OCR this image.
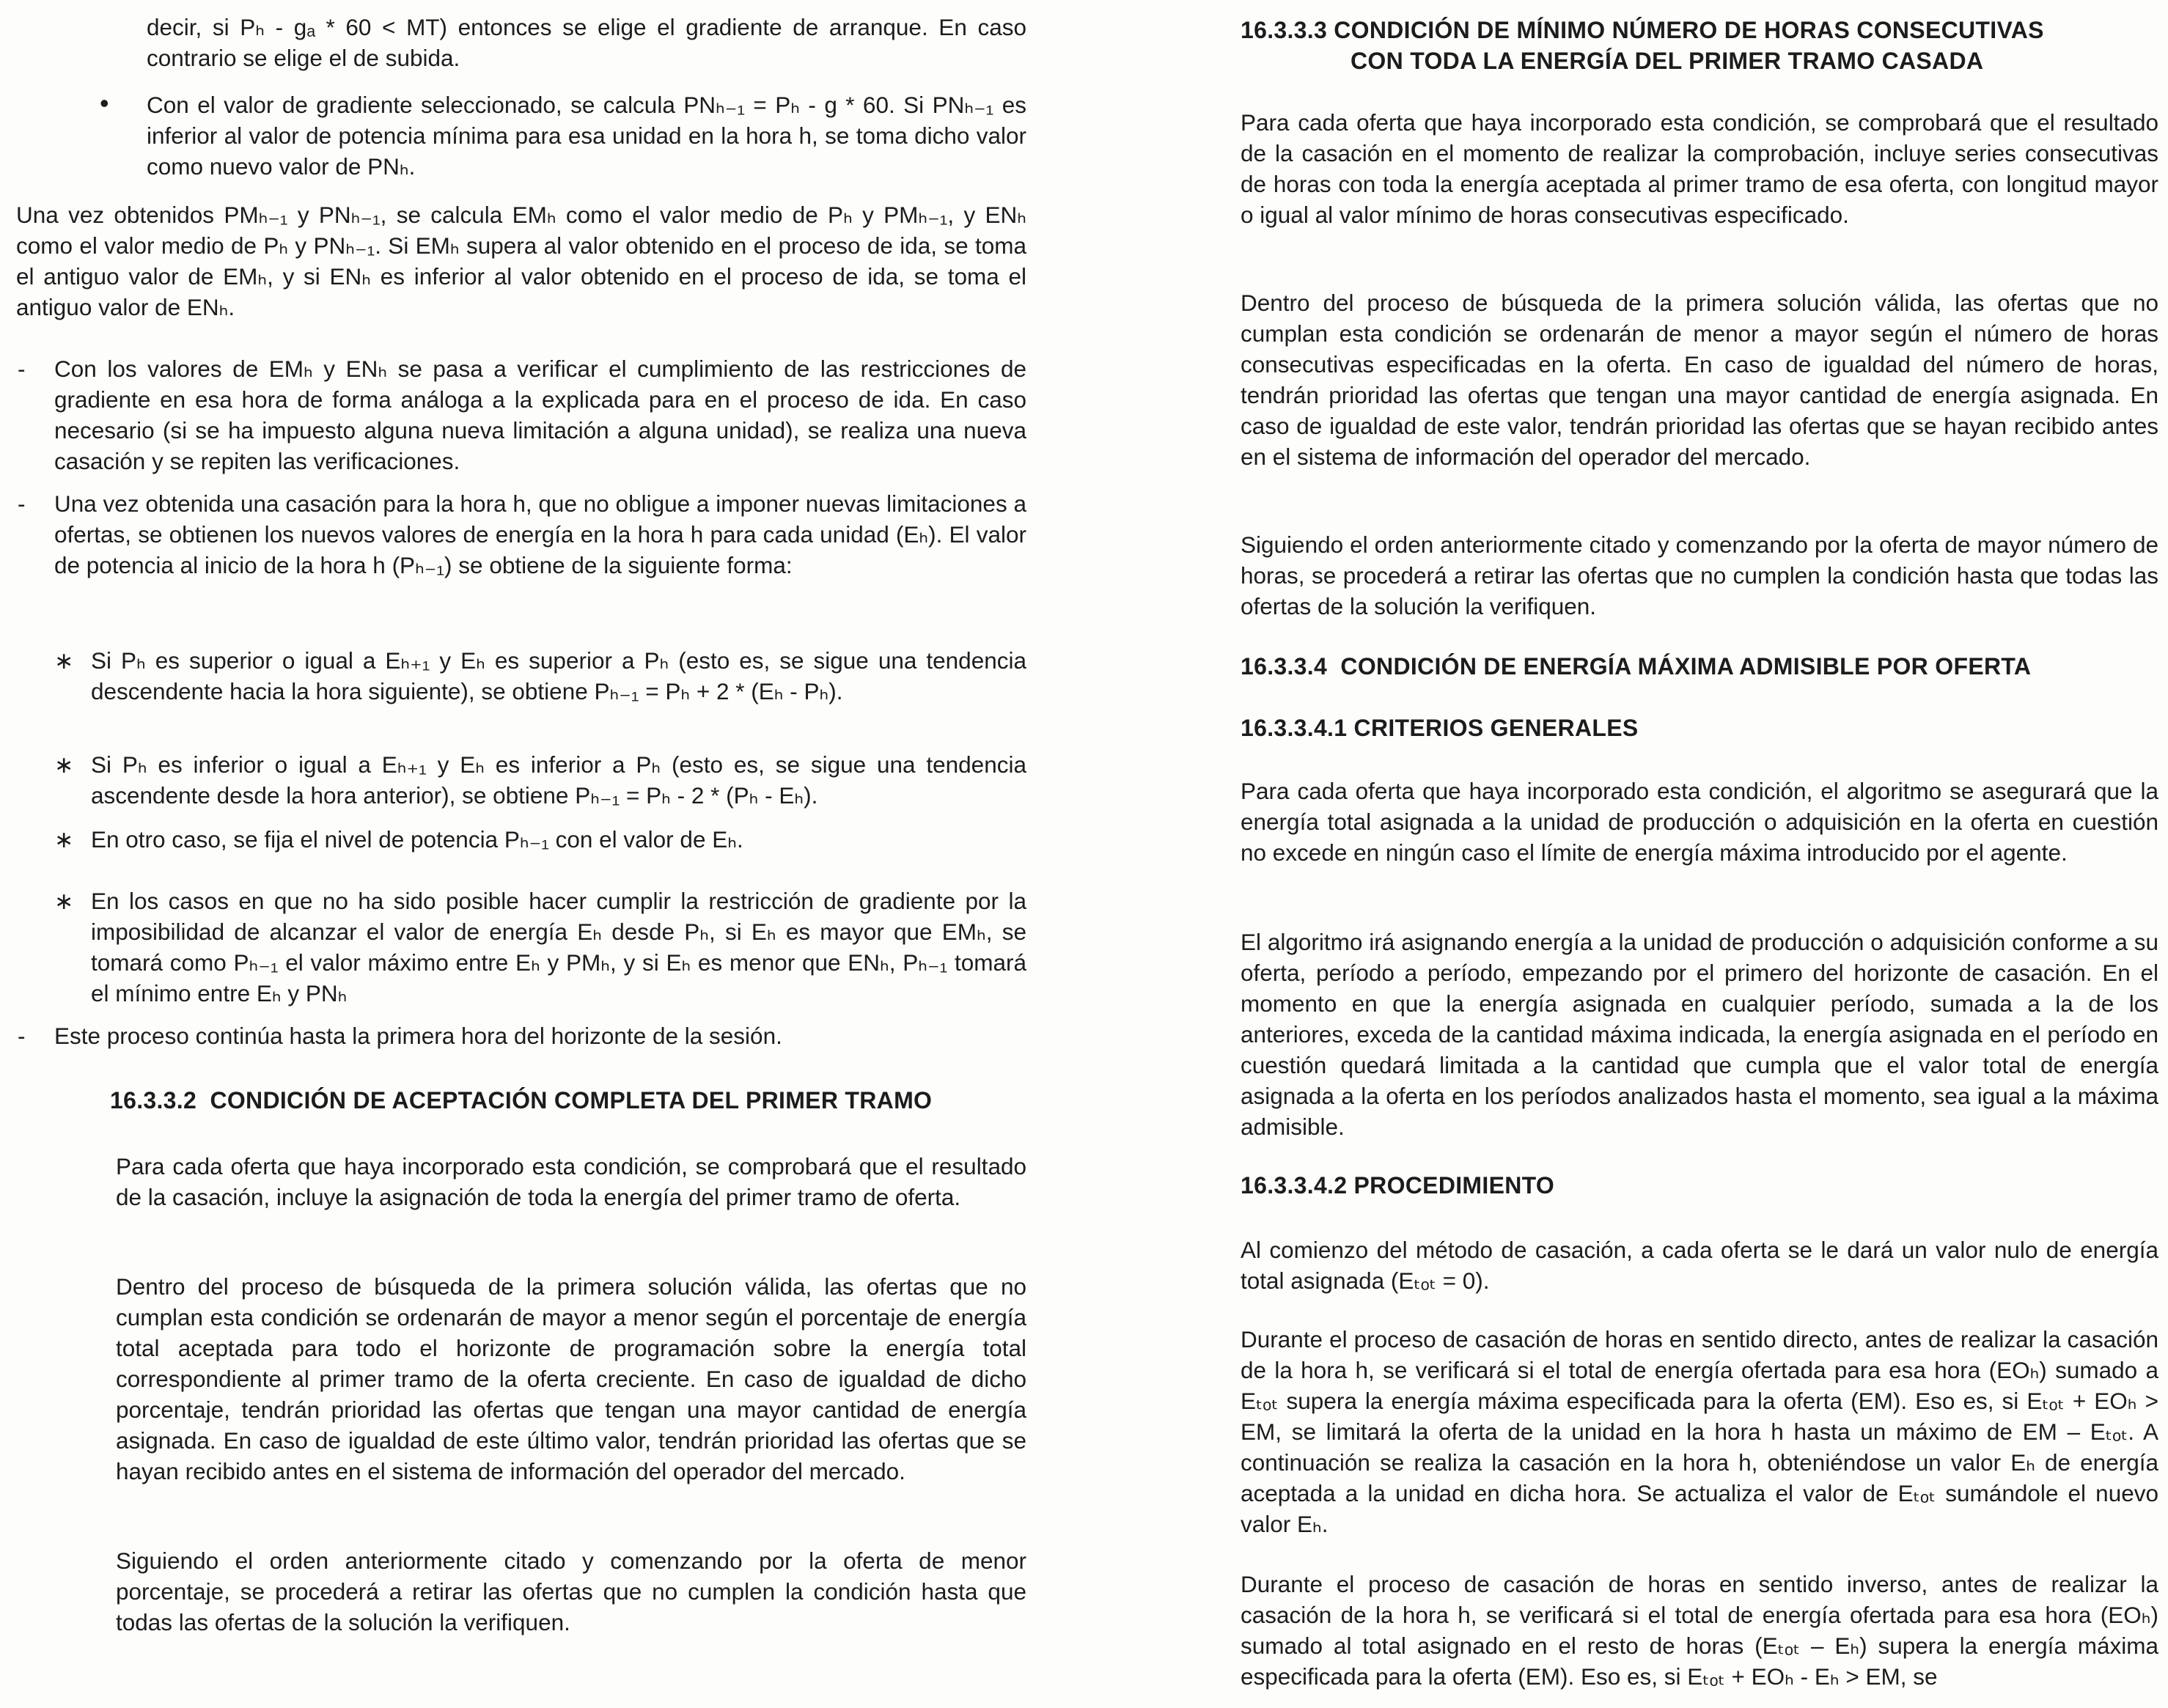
decir, si Pₕ - gₐ * 60 < MT) entonces se elige el gradiente de arranque. En caso contrario se elige el de subida.

• Con el valor de gradiente seleccionado, se calcula PNₕ₋₁ = Pₕ - g * 60. Si PNₕ₋₁ es inferior al valor de potencia mínima para esa unidad en la hora h, se toma dicho valor como nuevo valor de PNₕ.

Una vez obtenidos PMₕ₋₁ y PNₕ₋₁, se calcula EMₕ como el valor medio de Pₕ y PMₕ₋₁, y ENₕ como el valor medio de Pₕ y PNₕ₋₁. Si EMₕ supera al valor obtenido en el proceso de ida, se toma el antiguo valor de EMₕ, y si ENₕ es inferior al valor obtenido en el proceso de ida, se toma el antiguo valor de ENₕ.

- Con los valores de EMₕ y ENₕ se pasa a verificar el cumplimiento de las restricciones de gradiente en esa hora de forma análoga a la explicada para en el proceso de ida. En caso necesario (si se ha impuesto alguna nueva limitación a alguna unidad), se realiza una nueva casación y se repiten las verificaciones.

- Una vez obtenida una casación para la hora h, que no obligue a imponer nuevas limitaciones a ofertas, se obtienen los nuevos valores de energía en la hora h para cada unidad (Eₕ). El valor de potencia al inicio de la hora h (Pₕ₋₁) se obtiene de la siguiente forma:

∗ Si Pₕ es superior o igual a Eₕ₊₁ y Eₕ es superior a Pₕ (esto es, se sigue una tendencia descendente hacia la hora siguiente), se obtiene Pₕ₋₁ = Pₕ + 2 * (Eₕ - Pₕ).

∗ Si Pₕ es inferior o igual a Eₕ₊₁ y Eₕ es inferior a Pₕ (esto es, se sigue una tendencia ascendente desde la hora anterior), se obtiene Pₕ₋₁ = Pₕ - 2 * (Pₕ - Eₕ).

∗ En otro caso, se fija el nivel de potencia Pₕ₋₁ con el valor de Eₕ.

∗ En los casos en que no ha sido posible hacer cumplir la restricción de gradiente por la imposibilidad de alcanzar el valor de energía Eₕ desde Pₕ, si Eₕ es mayor que EMₕ, se tomará como Pₕ₋₁ el valor máximo entre Eₕ y PMₕ, y si Eₕ es menor que ENₕ, Pₕ₋₁ tomará el mínimo entre Eₕ y PNₕ

- Este proceso continúa hasta la primera hora del horizonte de la sesión.

16.3.3.2 CONDICIÓN DE ACEPTACIÓN COMPLETA DEL PRIMER TRAMO

Para cada oferta que haya incorporado esta condición, se comprobará que el resultado de la casación, incluye la asignación de toda la energía del primer tramo de oferta.

Dentro del proceso de búsqueda de la primera solución válida, las ofertas que no cumplan esta condición se ordenarán de mayor a menor según el porcentaje de energía total aceptada para todo el horizonte de programación sobre la energía total correspondiente al primer tramo de la oferta creciente. En caso de igualdad de dicho porcentaje, tendrán prioridad las ofertas que tengan una mayor cantidad de energía asignada. En caso de igualdad de este último valor, tendrán prioridad las ofertas que se hayan recibido antes en el sistema de información del operador del mercado.

Siguiendo el orden anteriormente citado y comenzando por la oferta de menor porcentaje, se procederá a retirar las ofertas que no cumplen la condición hasta que todas las ofertas de la solución la verifiquen.

16.3.3.3 CONDICIÓN DE MÍNIMO NÚMERO DE HORAS CONSECUTIVAS
CON TODA LA ENERGÍA DEL PRIMER TRAMO CASADA

Para cada oferta que haya incorporado esta condición, se comprobará que el resultado de la casación en el momento de realizar la comprobación, incluye series consecutivas de horas con toda la energía aceptada al primer tramo de esa oferta, con longitud mayor o igual al valor mínimo de horas consecutivas especificado.

Dentro del proceso de búsqueda de la primera solución válida, las ofertas que no cumplan esta condición se ordenarán de menor a mayor según el número de horas consecutivas especificadas en la oferta. En caso de igualdad del número de horas, tendrán prioridad las ofertas que tengan una mayor cantidad de energía asignada. En caso de igualdad de este valor, tendrán prioridad las ofertas que se hayan recibido antes en el sistema de información del operador del mercado.

Siguiendo el orden anteriormente citado y comenzando por la oferta de mayor número de horas, se procederá a retirar las ofertas que no cumplen la condición hasta que todas las ofertas de la solución la verifiquen.

16.3.3.4  CONDICIÓN DE ENERGÍA MÁXIMA ADMISIBLE POR OFERTA
16.3.3.4.1 CRITERIOS GENERALES

Para cada oferta que haya incorporado esta condición, el algoritmo se asegurará que la energía total asignada a la unidad de producción o adquisición en la oferta en cuestión no excede en ningún caso el límite de energía máxima introducido por el agente.

El algoritmo irá asignando energía a la unidad de producción o adquisición conforme a su oferta, período a período, empezando por el primero del horizonte de casación. En el momento en que la energía asignada en cualquier período, sumada a la de los anteriores, exceda de la cantidad máxima indicada, la energía asignada en el período en cuestión quedará limitada a la cantidad que cumpla que el valor total de energía asignada a la oferta en los períodos analizados hasta el momento, sea igual a la máxima admisible.

16.3.3.4.2 PROCEDIMIENTO

Al comienzo del método de casación, a cada oferta se le dará un valor nulo de energía total asignada (Eₜₒₜ = 0).

Durante el proceso de casación de horas en sentido directo, antes de realizar la casación de la hora h, se verificará si el total de energía ofertada para esa hora (EOₕ) sumado a Eₜₒₜ supera la energía máxima especificada para la oferta (EM). Eso es, si Eₜₒₜ + EOₕ > EM, se limitará la oferta de la unidad en la hora h hasta un máximo de EM – Eₜₒₜ. A continuación se realiza la casación en la hora h, obteniéndose un valor Eₕ de energía aceptada a la unidad en dicha hora. Se actualiza el valor de Eₜₒₜ sumándole el nuevo valor Eₕ.

Durante el proceso de casación de horas en sentido inverso, antes de realizar la casación de la hora h, se verificará si el total de energía ofertada para esa hora (EOₕ) sumado al total asignado en el resto de horas (Eₜₒₜ – Eₕ) supera la energía máxima especificada para la oferta (EM). Eso es, si Eₜₒₜ + EOₕ - Eₕ > EM, se
